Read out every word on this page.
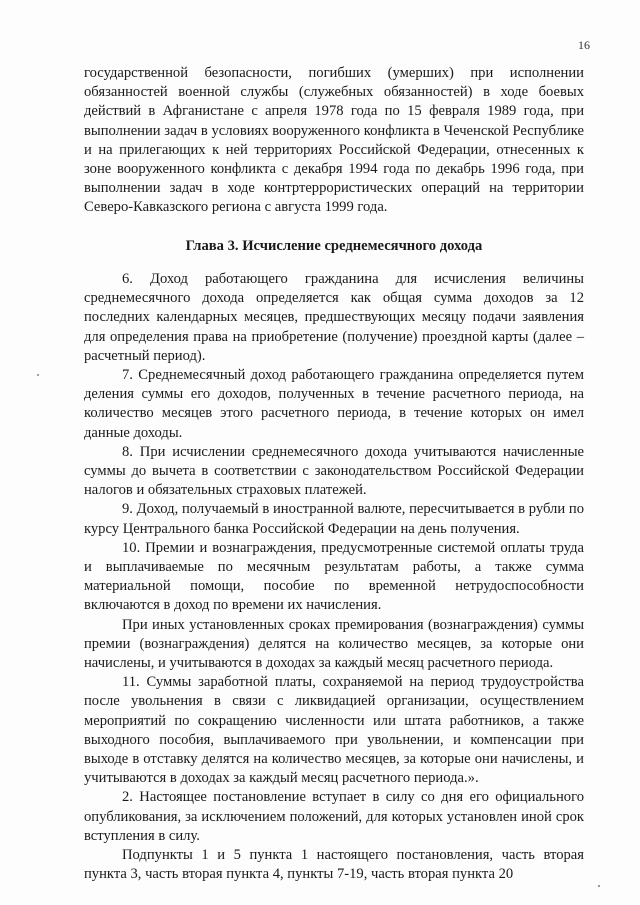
16

государственной безопасности, погибших (умерших) при исполнении обязанностей военной службы (служебных обязанностей) в ходе боевых действий в Афганистане с апреля 1978 года по 15 февраля 1989 года, при выполнении задач в условиях вооруженного конфликта в Чеченской Республике и на прилегающих к ней территориях Российской Федерации, отнесенных к зоне вооруженного конфликта с декабря 1994 года по декабрь 1996 года, при выполнении задач в ходе контртеррористических операций на территории Северо-Кавказского региона с августа 1999 года.

Глава 3. Исчисление среднемесячного дохода

6. Доход работающего гражданина для исчисления величины среднемесячного дохода определяется как общая сумма доходов за 12 последних календарных месяцев, предшествующих месяцу подачи заявления для определения права на приобретение (получение) проездной карты (далее – расчетный период).

7. Среднемесячный доход работающего гражданина определяется путем деления суммы его доходов, полученных в течение расчетного периода, на количество месяцев этого расчетного периода, в течение которых он имел данные доходы.

8. При исчислении среднемесячного дохода учитываются начисленные суммы до вычета в соответствии с законодательством Российской Федерации налогов и обязательных страховых платежей.

9. Доход, получаемый в иностранной валюте, пересчитывается в рубли по курсу Центрального банка Российской Федерации на день получения.

10. Премии и вознаграждения, предусмотренные системой оплаты труда и выплачиваемые по месячным результатам работы, а также сумма материальной помощи, пособие по временной нетрудоспособности включаются в доход по времени их начисления.

При иных установленных сроках премирования (вознаграждения) суммы премии (вознаграждения) делятся на количество месяцев, за которые они начислены, и учитываются в доходах за каждый месяц расчетного периода.

11. Суммы заработной платы, сохраняемой на период трудоустройства после увольнения в связи с ликвидацией организации, осуществлением мероприятий по сокращению численности или штата работников, а также выходного пособия, выплачиваемого при увольнении, и компенсации при выходе в отставку делятся на количество месяцев, за которые они начислены, и учитываются в доходах за каждый месяц расчетного периода.».

2. Настоящее постановление вступает в силу со дня его официального опубликования, за исключением положений, для которых установлен иной срок вступления в силу.

Подпункты 1 и 5 пункта 1 настоящего постановления, часть вторая пункта 3, часть вторая пункта 4, пункты 7-19, часть вторая пункта 20
